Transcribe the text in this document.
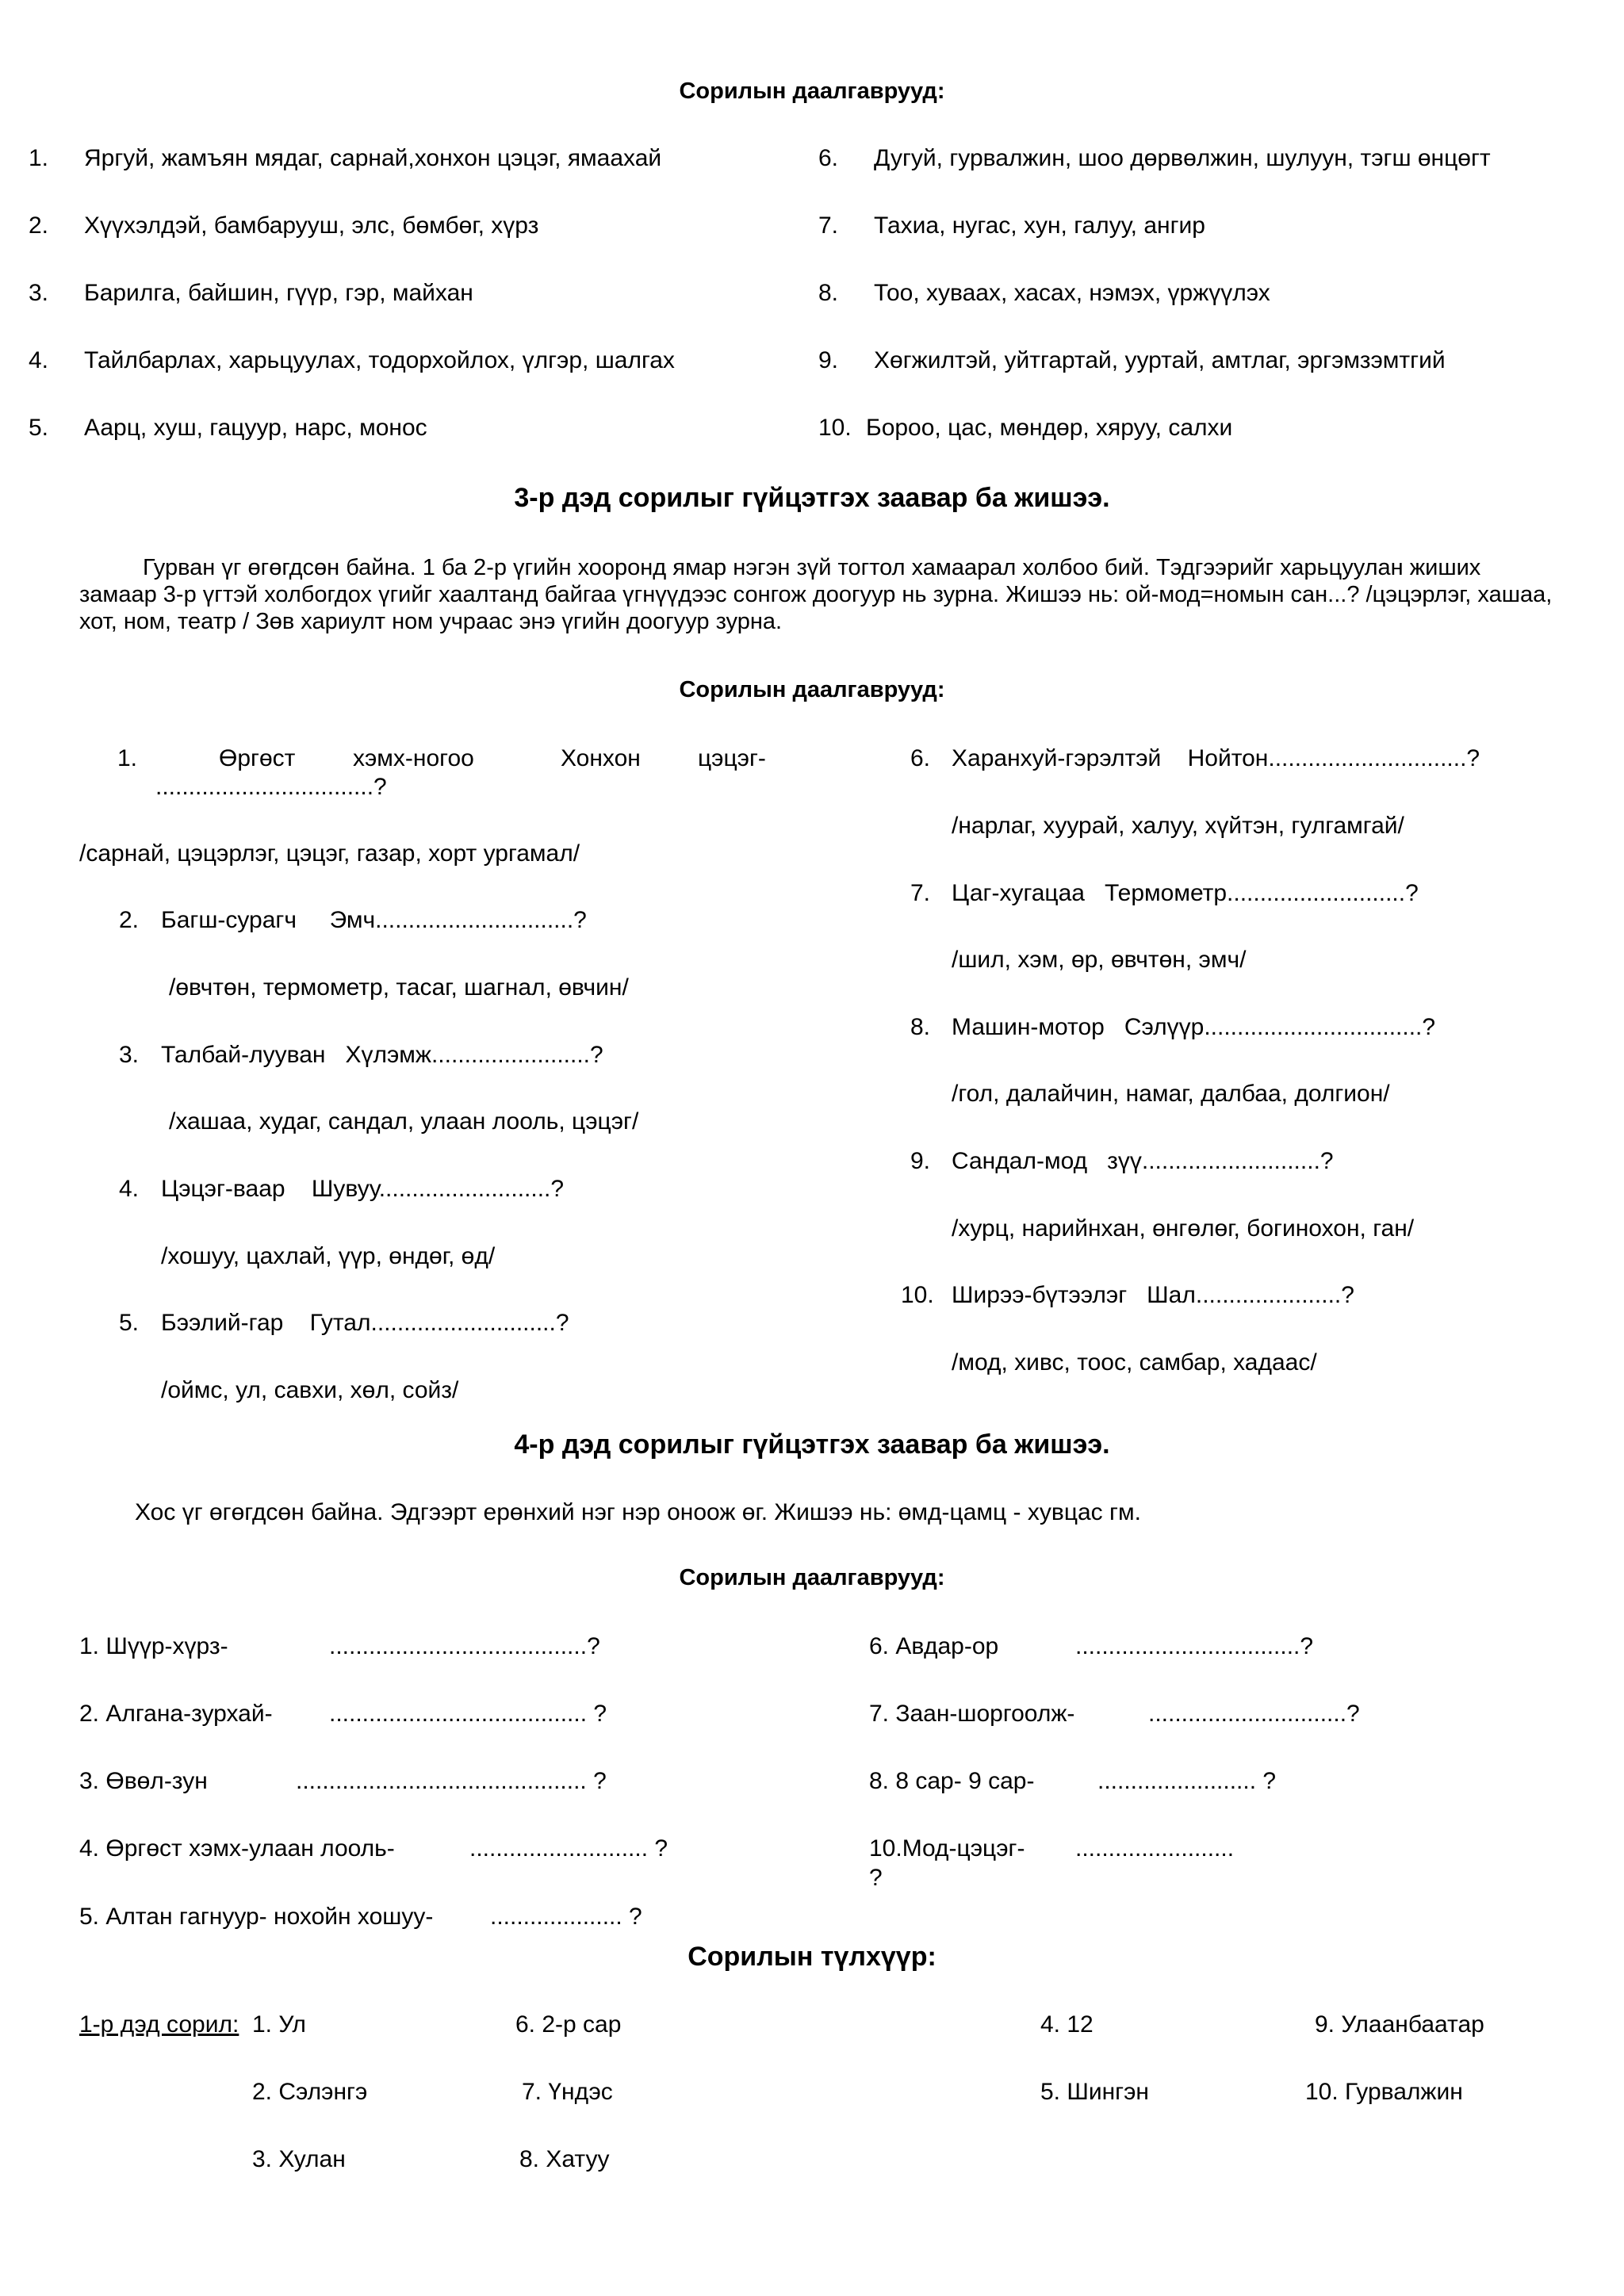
Сорилын даалгаврууд:
1. Яргуй, жамъян мядаг, сарнай,хонхон цэцэг, ямаахай
2. Хүүхэлдэй, бамбарууш, элс, бөмбөг, хүрз
3. Барилга, байшин, гүүр, гэр, майхан
4. Тайлбарлах, харьцуулах, тодорхойлох, үлгэр, шалгах
5. Аарц, хуш, гацуур, нарс, монос
6. Дугуй, гурвалжин, шоо дөрвөлжин, шулуун, тэгш өнцөгт
7. Тахиа, нугас, хун, галуу, ангир
8. Тоо, хуваах, хасах, нэмэх, үржүүлэх
9. Хөгжилтэй, уйтгартай, ууртай, амтлаг, эргэмзэмтгий
10. Бороо, цас, мөндөр, хяруу, салхи
3-р дэд сорилыг гүйцэтгэх заавар ба жишээ.
Гурван үг өгөгдсөн байна. 1 ба 2-р үгийн хооронд ямар нэгэн зүй тогтол хамаарал холбоо бий. Тэдгээрийг харьцуулан жиших замаар 3-р үгтэй холбогдох үгийг хаалтанд байгаа үгнүүдээс сонгож доогуур нь зурна. Жишээ нь: ой-мод=номын сан...? /цэцэрлэг, хашаа, хот, ном, театр / Зөв хариулт ном учраас энэ үгийн доогуур зурна.
Сорилын даалгаврууд:
1.	Өргөст хэмх-ногоо	Хонхон цэцэг-
.................................?
/сарнай, цэцэрлэг, цэцэг, газар, хорт ургамал/
2. Багш-сурагч     Эмч..............................?
/өвчтөн, термометр, тасаг, шагнал, өвчин/
3. Талбай-лууван   Хүлэмж........................?
/хашаа, худаг, сандал, улаан лооль, цэцэг/
4. Цэцэг-ваар    Шувуу..........................?
/хошуу, цахлай, үүр, өндөг, өд/
5. Бээлий-гар    Гутал............................?
/оймс, ул, савхи, хөл, сойз/
6. Харанхуй-гэрэлтэй    Нойтон..............................?
/нарлаг, хуурай, халуу, хүйтэн, гулгамгай/
7. Цаг-хугацаа   Термометр...........................?
/шил, хэм, өр, өвчтөн, эмч/
8. Машин-мотор   Сэлүүр.................................?
/гол, далайчин, намаг, далбаа, долгион/
9. Сандал-мод   зүү...........................?
/хурц, нарийнхан, өнгөлөг, богинохон, ган/
10. Ширээ-бүтээлэг   Шал......................?
/мод, хивс, тоос, самбар, хадаас/
4-р дэд сорилыг гүйцэтгэх заавар ба жишээ.
Хос үг өгөгдсөн байна. Эдгээрт ерөнхий нэг нэр оноож өг. Жишээ нь: өмд-цамц - хувцас гм.
Сорилын даалгаврууд:
1. Шүүр-хүрз-	.......................................?
2. Алгана-зурхай- ....................................... ?
3. Өвөл-зун	............................................ ?
4. Өргөст хэмх-улаан лооль-	........................... ?
5. Алтан гагнуур- нохойн хошуу- .................... ?
6. Авдар-ор	..................................?
7. Заан-шоргоолж-	..............................?
8. 8 сар- 9 сар-	........................ ?
10.Мод-цэцэг- ........................
?
Сорилын түлхүүр:
1-р дэд сорил: 1. Ул	6. 2-р сар	4. 12	9. Улаанбаатар
2. Сэлэнгэ	7. Үндэс	5. Шингэн	10. Гурвалжин
3. Хулан	8. Хатуу
